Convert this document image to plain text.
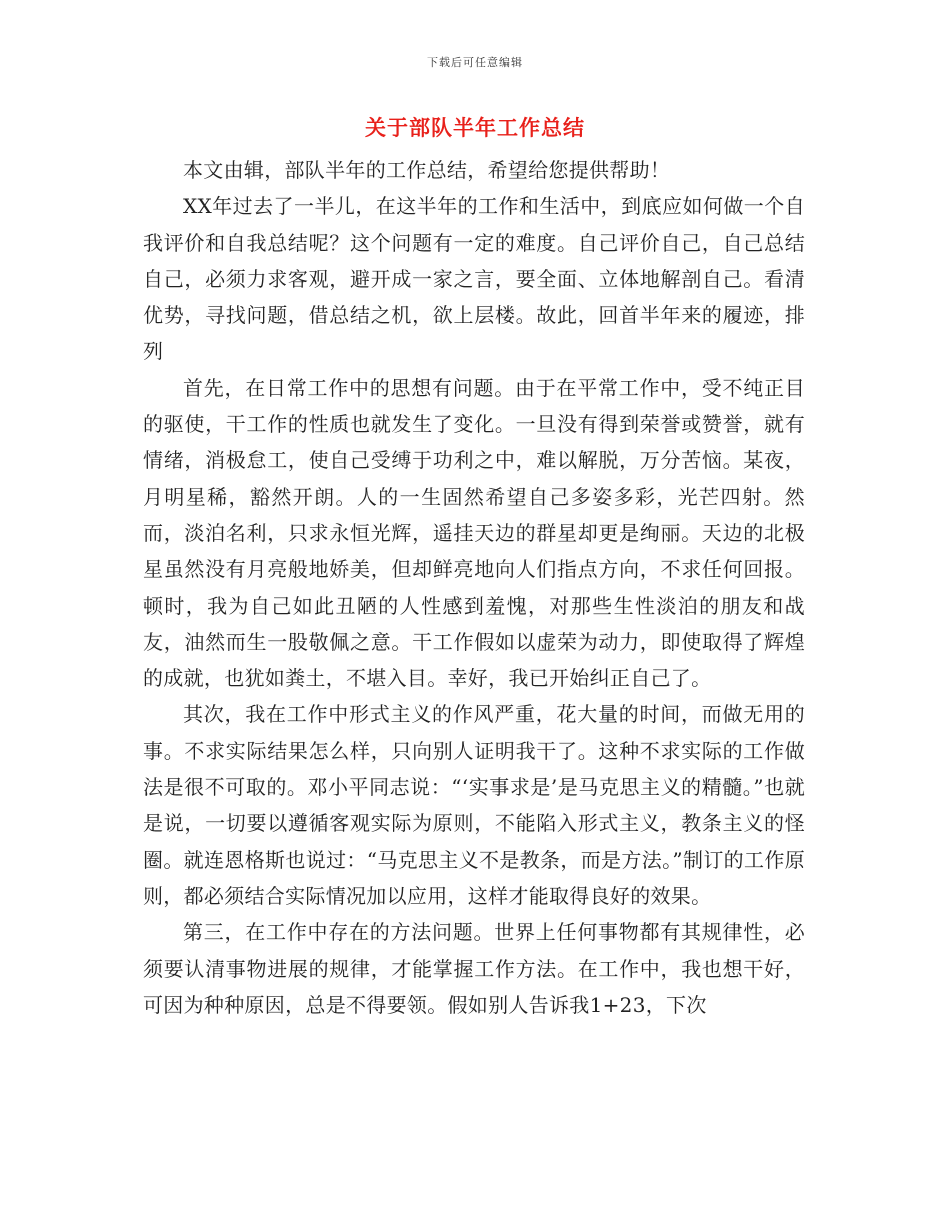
下载后可任意编辑
关于部队半年工作总结

本文由辑，部队半年的工作总结，希望给您提供帮助！

XX年过去了一半儿，在这半年的工作和生活中，到底应如何做一个自我评价和自我总结呢？这个问题有一定的难度。自己评价自己，自己总结自己，必须力求客观，避开成一家之言，要全面、立体地解剖自己。看清优势，寻找问题，借总结之机，欲上层楼。故此，回首半年来的履迹，排列

首先，在日常工作中的思想有问题。由于在平常工作中，受不纯正目的驱使，干工作的性质也就发生了变化。一旦没有得到荣誉或赞誉，就有情绪，消极怠工，使自己受缚于功利之中，难以解脱，万分苦恼。某夜，月明星稀，豁然开朗。人的一生固然希望自己多姿多彩，光芒四射。然而，淡泊名利，只求永恒光辉，遥挂天边的群星却更是绚丽。天边的北极星虽然没有月亮般地娇美，但却鲜亮地向人们指点方向，不求任何回报。顿时，我为自己如此丑陋的人性感到羞愧，对那些生性淡泊的朋友和战友，油然而生一股敬佩之意。干工作假如以虚荣为动力，即使取得了辉煌的成就，也犹如粪土，不堪入目。幸好，我已开始纠正自己了。

其次，我在工作中形式主义的作风严重，花大量的时间，而做无用的事。不求实际结果怎么样，只向别人证明我干了。这种不求实际的工作做法是很不可取的。邓小平同志说：“‘实事求是’是马克思主义的精髓。”也就是说，一切要以遵循客观实际为原则，不能陷入形式主义，教条主义的怪圈。就连恩格斯也说过：“马克思主义不是教条，而是方法。”制订的工作原则，都必须结合实际情况加以应用，这样才能取得良好的效果。

第三，在工作中存在的方法问题。世界上任何事物都有其规律性，必须要认清事物进展的规律，才能掌握工作方法。在工作中，我也想干好，可因为种种原因，总是不得要领。假如别人告诉我1+23，下次
